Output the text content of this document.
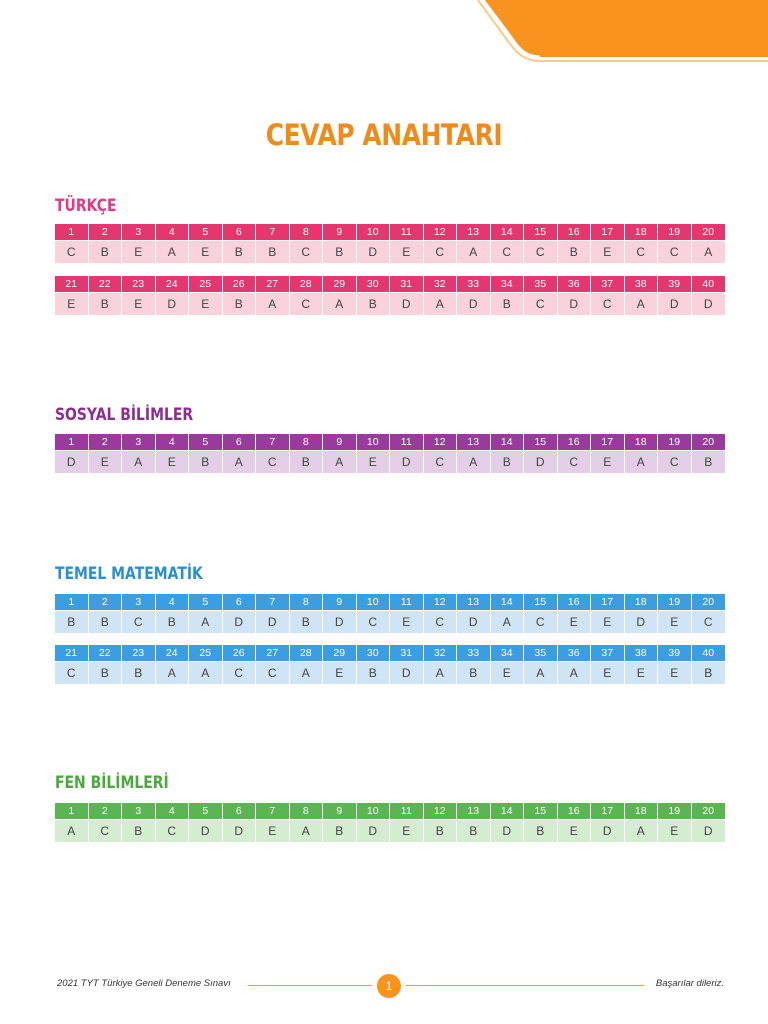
CEVAP ANAHTARI
TÜRKÇE
1	2	3	4	5	6	7	8	9	10	11	12	13	14	15	16	17	18	19	20
C	B	E	A	E	B	B	C	B	D	E	C	A	C	C	B	E	C	C	A
21	22	23	24	25	26	27	28	29	30	31	32	33	34	35	36	37	38	39	40
E	B	E	D	E	B	A	C	A	B	D	A	D	B	C	D	C	A	D	D
SOSYAL BİLİMLER
1	2	3	4	5	6	7	8	9	10	11	12	13	14	15	16	17	18	19	20
D	E	A	E	B	A	C	B	A	E	D	C	A	B	D	C	E	A	C	B
TEMEL MATEMATİK
1	2	3	4	5	6	7	8	9	10	11	12	13	14	15	16	17	18	19	20
B	B	C	B	A	D	D	B	D	C	E	C	D	A	C	E	E	D	E	C
21	22	23	24	25	26	27	28	29	30	31	32	33	34	35	36	37	38	39	40
C	B	B	A	A	C	C	A	E	B	D	A	B	E	A	A	E	E	E	B
FEN BİLİMLERİ
1	2	3	4	5	6	7	8	9	10	11	12	13	14	15	16	17	18	19	20
A	C	B	C	D	D	E	A	B	D	E	B	B	D	B	E	D	A	E	D
2021 TYT Türkiye Geneli Deneme Sınavı	1	Başarılar dileriz.
